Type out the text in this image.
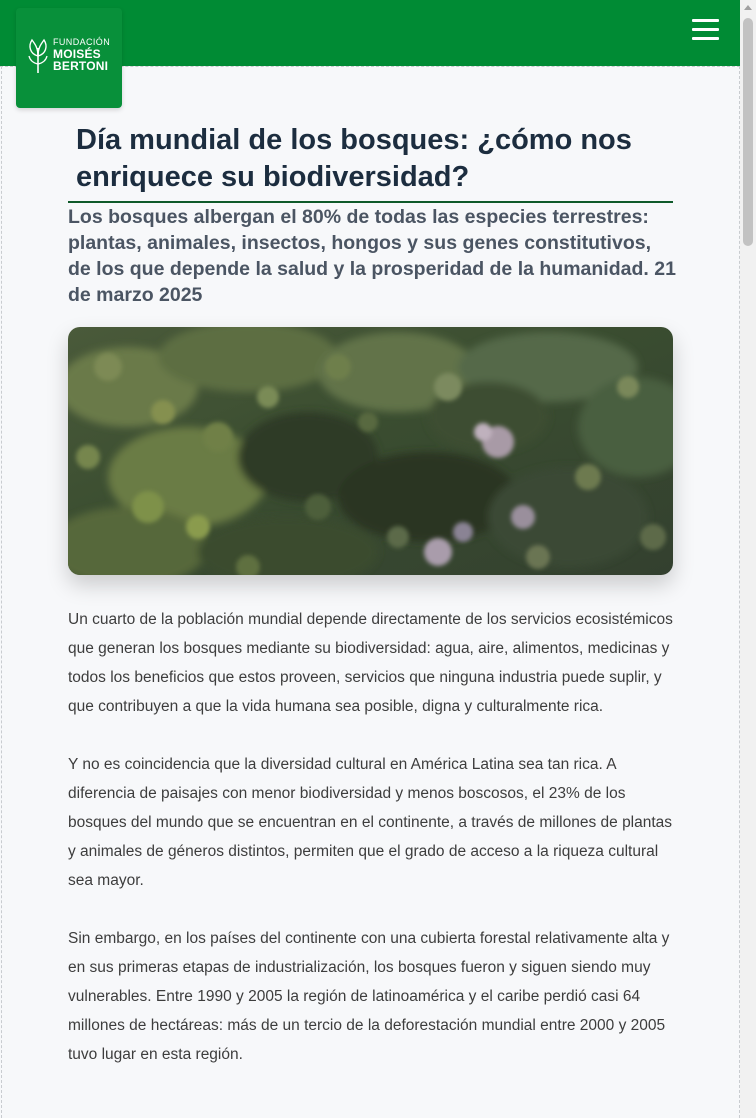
FUNDACIÓN
MOISÉS
BERTONI
Día mundial de los bosques: ¿cómo nos enriquece su biodiversidad?
Los bosques albergan el 80% de todas las especies terrestres: plantas, animales, insectos, hongos y sus genes constitutivos, de los que depende la salud y la prosperidad de la humanidad. 21 de marzo 2025

Un cuarto de la población mundial depende directamente de los servicios ecosistémicos que generan los bosques mediante su biodiversidad: agua, aire, alimentos, medicinas y todos los beneficios que estos proveen, servicios que ninguna industria puede suplir, y que contribuyen a que la vida humana sea posible, digna y culturalmente rica.

Y no es coincidencia que la diversidad cultural en América Latina sea tan rica. A diferencia de paisajes con menor biodiversidad y menos boscosos, el 23% de los bosques del mundo que se encuentran en el continente, a través de millones de plantas y animales de géneros distintos, permiten que el grado de acceso a la riqueza cultural sea mayor.

Sin embargo, en los países del continente con una cubierta forestal relativamente alta y en sus primeras etapas de industrialización, los bosques fueron y siguen siendo muy vulnerables. Entre 1990 y 2005 la región de latinoamérica y el caribe perdió casi 64 millones de hectáreas: más de un tercio de la deforestación mundial entre 2000 y 2005 tuvo lugar en esta región.
